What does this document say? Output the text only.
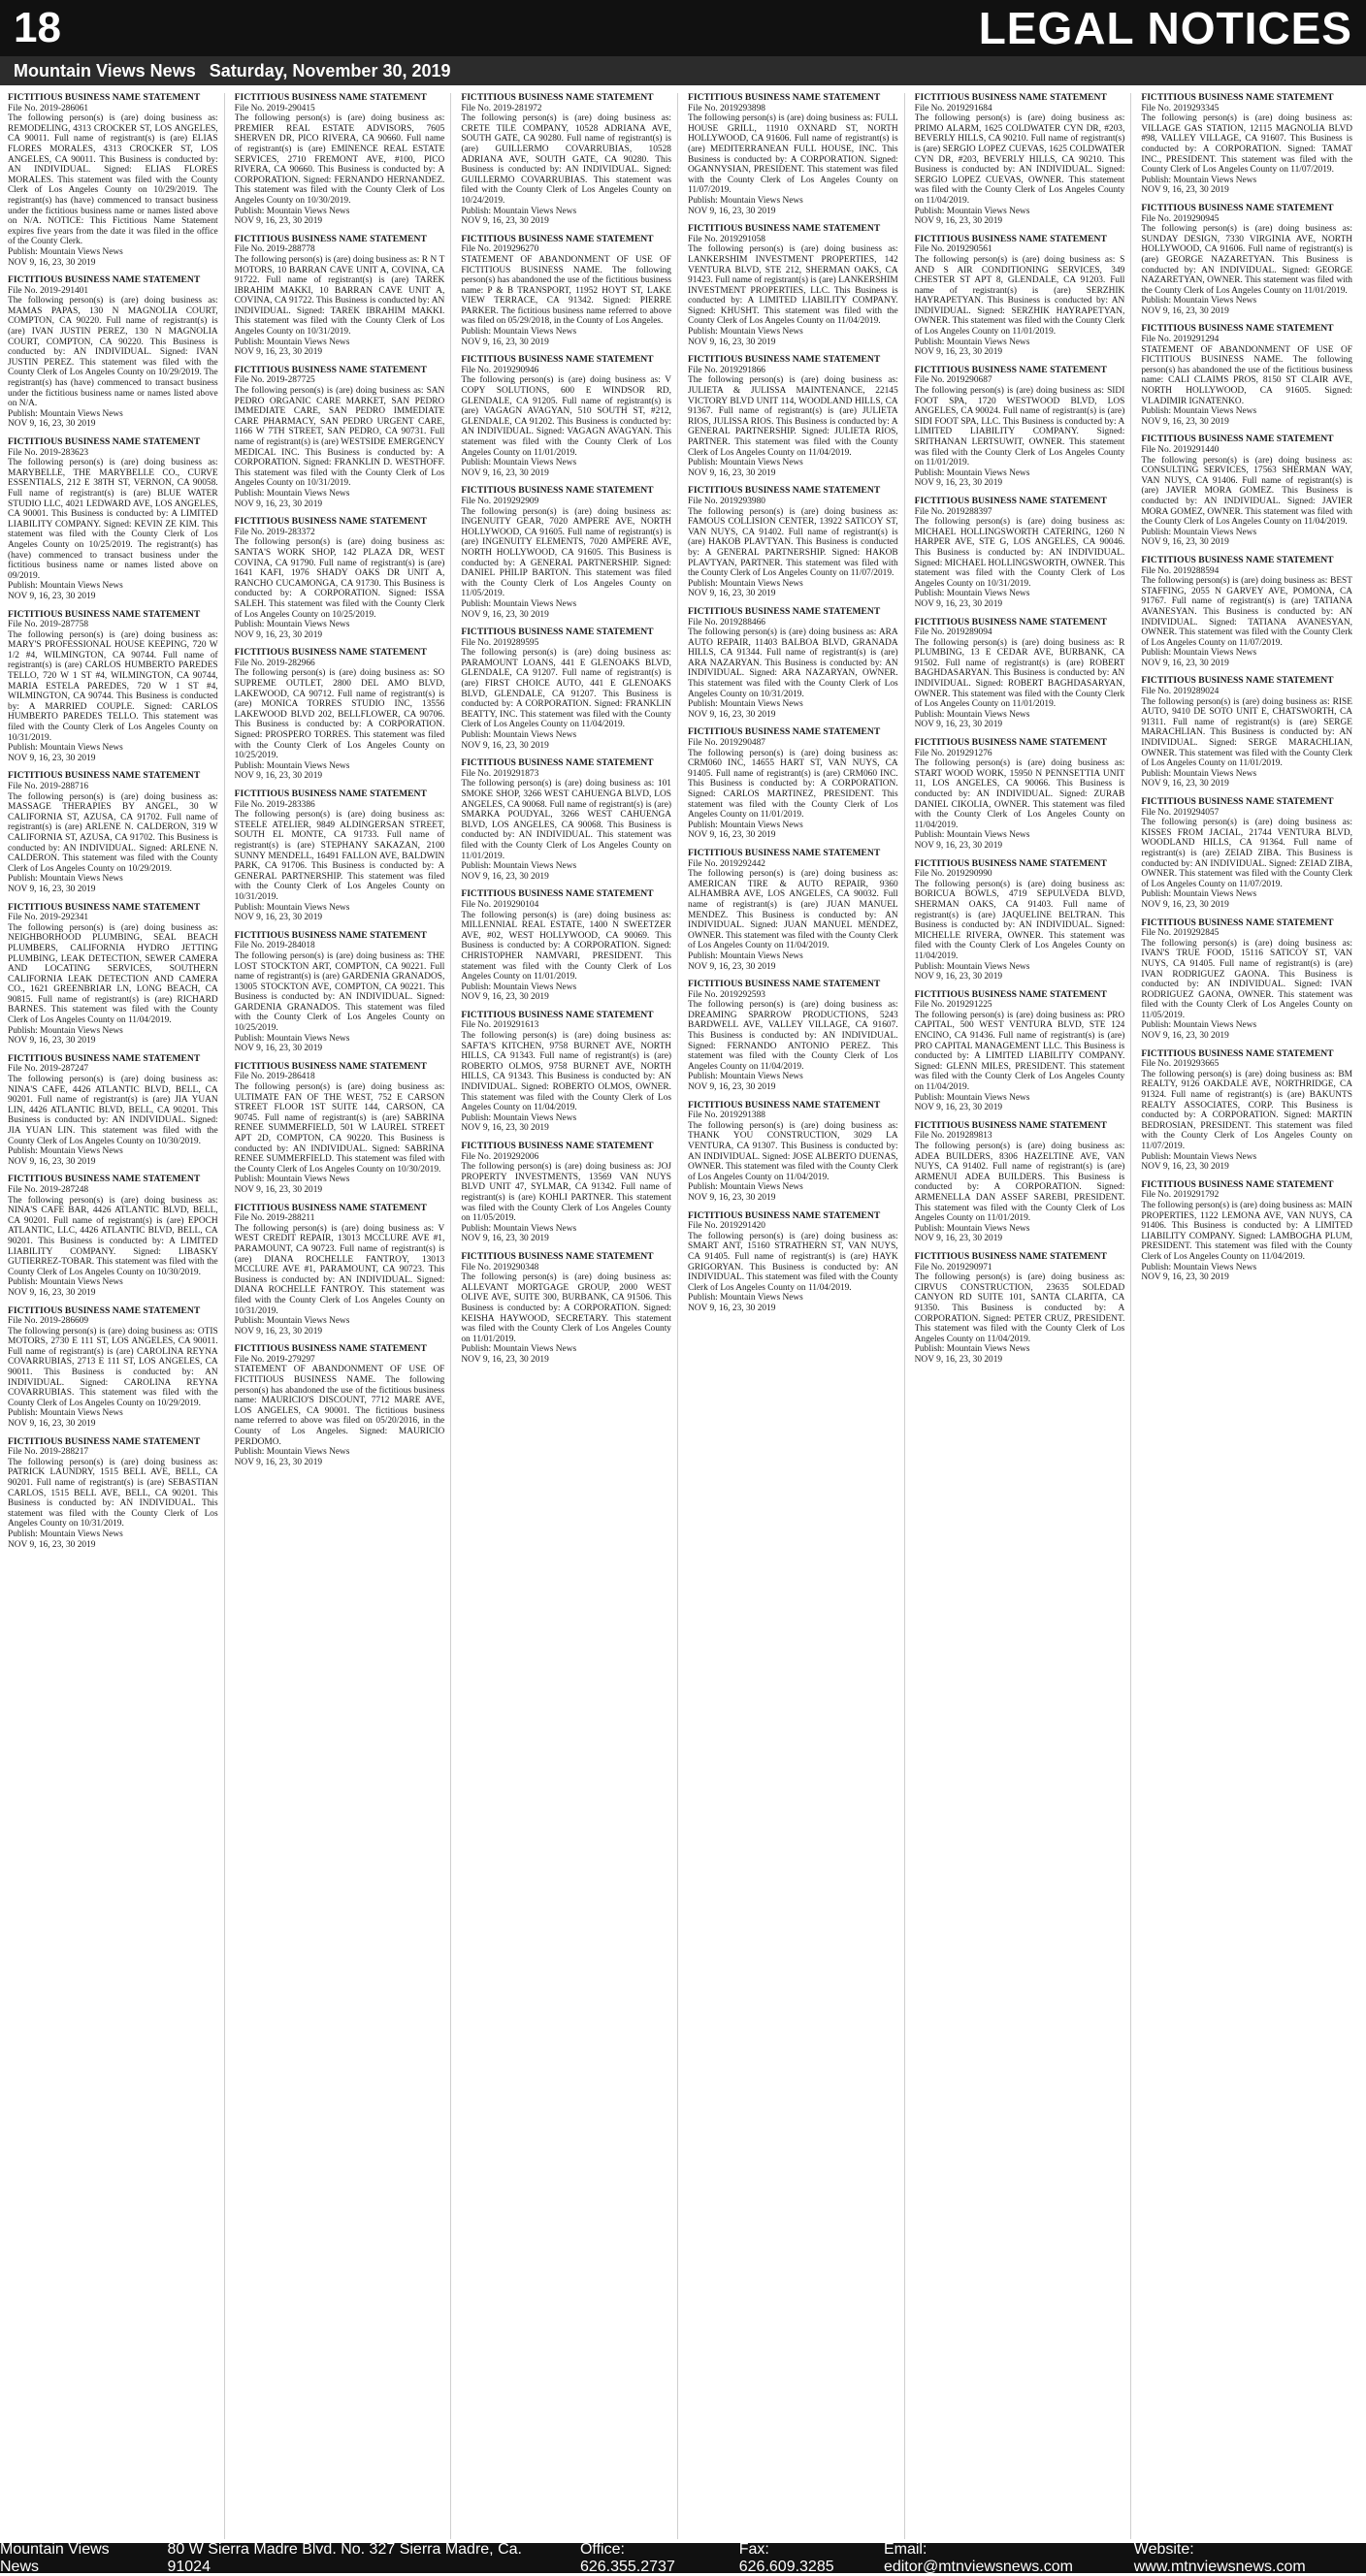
18	LEGAL NOTICES
Mountain Views News Saturday, November 30, 2019
FICTITIOUS BUSINESS NAME STATEMENT
File No. 2019-286061
The following person(s) is (are) doing business as: REMODELING, 4313 CROCKER ST, LOS ANGELES, CA 90011. Full name of registrant(s) is (are) ELIAS FLORES MORALES, 4313 CROCKER ST, LOS ANGELES, CA 90011. This Business is conducted by: AN INDIVIDUAL. Signed: ELIAS FLORES MORALES. This statement was filed with the County Clerk of Los Angeles County on 10/29/2019. The registrant(s) has (have) commenced to transact business under the fictitious business name or names listed above on N/A. NOTICE: This Fictitious Name Statement expires five years from the date it was filed in the office of the County Clerk.
Publish: Mountain Views News
NOV 9, 16, 23, 30 2019
FICTITIOUS BUSINESS NAME STATEMENT
File No. 2019-291401
The following person(s) is (are) doing business as: MAMAS PAPAS, 130 N MAGNOLIA COURT, COMPTON, CA 90220. Full name of registrant(s) is (are) IVAN JUSTIN PEREZ, 130 N MAGNOLIA COURT, COMPTON, CA 90220. This Business is conducted by: AN INDIVIDUAL. Signed: IVAN JUSTIN PEREZ. This statement was filed with the County Clerk of Los Angeles County on 10/29/2019. The registrant(s) has (have) commenced to transact business under the fictitious business name or names listed above on N/A.
Publish: Mountain Views News
NOV 9, 16, 23, 30 2019
FICTITIOUS BUSINESS NAME STATEMENT
File No. 2019-283623
The following person(s) is (are) doing business as: MARYBELLE, THE MARYBELLE CO., CURVE ESSENTIALS, 212 E 38TH ST, VERNON, CA 90058. Full name of registrant(s) is (are) BLUE WATER STUDIO LLC, 4021 LEDWARD AVE, LOS ANGELES, CA 90001. This Business is conducted by: A LIMITED LIABILITY COMPANY. Signed: KEVIN ZE KIM. This statement was filed with the County Clerk of Los Angeles County on 10/25/2019. The registrant(s) has (have) commenced to transact business under the fictitious business name or names listed above on 09/2019.
Publish: Mountain Views News
NOV 9, 16, 23, 30 2019
FICTITIOUS BUSINESS NAME STATEMENT
File No. 2019-287758
The following person(s) is (are) doing business as: MARY'S PROFESSIONAL HOUSE KEEPING, 720 W 1/2 #4, WILMINGTON, CA 90744. Full name of registrant(s) is (are) CARLOS HUMBERTO PAREDES TELLO, 720 W 1 ST #4, WILMINGTON, CA 90744, MARIA ESTELA PAREDES, 720 W 1 ST #4, WILMINGTON, CA 90744. This Business is conducted by: A MARRIED COUPLE. Signed: CARLOS HUMBERTO PAREDES TELLO. This statement was filed with the County Clerk of Los Angeles County on 10/31/2019.
Publish: Mountain Views News
NOV 9, 16, 23, 30 2019
FICTITIOUS BUSINESS NAME STATEMENT
File No. 2019-288716
The following person(s) is (are) doing business as: MASSAGE THERAPIES BY ANGEL, 30 W CALIFORNIA ST, AZUSA, CA 91702. Full name of registrant(s) is (are) ARLENE N. CALDERON, 319 W CALIFORNIA ST, AZUSA, CA 91702. This Business is conducted by: AN INDIVIDUAL. Signed: ARLENE N. CALDERON. This statement was filed with the County Clerk of Los Angeles County on 10/29/2019.
Publish: Mountain Views News
NOV 9, 16, 23, 30 2019
FICTITIOUS BUSINESS NAME STATEMENT
File No. 2019-292341
The following person(s) is (are) doing business as: NEIGHBORHOOD PLUMBING, SEAL BEACH PLUMBERS, CALIFORNIA HYDRO JETTING PLUMBING, LEAK DETECTION, SEWER CAMERA AND LOCATING SERVICES, SOUTHERN CALIFORNIA LEAK DETECTION AND CAMERA CO., 1621 GREENBRIAR LN, LONG BEACH, CA 90815. Full name of registrant(s) is (are) RICHARD BARNES. This statement was filed with the County Clerk of Los Angeles County on 11/04/2019.
Publish: Mountain Views News
NOV 9, 16, 23, 30 2019
FICTITIOUS BUSINESS NAME STATEMENT
File No. 2019-287247
The following person(s) is (are) doing business as: NINA'S CAFE, 4426 ATLANTIC BLVD, BELL, CA 90201. Full name of registrant(s) is (are) JIA YUAN LIN, 4426 ATLANTIC BLVD, BELL, CA 90201. This Business is conducted by: AN INDIVIDUAL. Signed: JIA YUAN LIN. This statement was filed with the County Clerk of Los Angeles County on 10/30/2019.
Publish: Mountain Views News
NOV 9, 16, 23, 30 2019
FICTITIOUS BUSINESS NAME STATEMENT
File No. 2019-287248
The following person(s) is (are) doing business as: NINA'S CAFE BAR, 4426 ATLANTIC BLVD, BELL, CA 90201. Full name of registrant(s) is (are) EPOCH ATLANTIC, LLC, 4426 ATLANTIC BLVD, BELL, CA 90201. This Business is conducted by: A LIMITED LIABILITY COMPANY. Signed: LIBASKY GUTIERREZ-TOBAR. This statement was filed with the County Clerk of Los Angeles County on 10/30/2019.
Publish: Mountain Views News
NOV 9, 16, 23, 30 2019
FICTITIOUS BUSINESS NAME STATEMENT
File No. 2019-286609
The following person(s) is (are) doing business as: OTIS MOTORS, 2730 E 111 ST, LOS ANGELES, CA 90011. Full name of registrant(s) is (are) CAROLINA REYNA COVARRUBIAS, 2713 E 111 ST, LOS ANGELES, CA 90011. This Business is conducted by: AN INDIVIDUAL. Signed: CAROLINA REYNA COVARRUBIAS. This statement was filed with the County Clerk of Los Angeles County on 10/29/2019.
Publish: Mountain Views News
NOV 9, 16, 23, 30 2019
FICTITIOUS BUSINESS NAME STATEMENT
File No. 2019-288217
The following person(s) is (are) doing business as: PATRICK LAUNDRY, 1515 BELL AVE, BELL, CA 90201. Full name of registrant(s) is (are) SEBASTIAN CARLOS, 1515 BELL AVE, BELL, CA 90201. This Business is conducted by: AN INDIVIDUAL. This statement was filed with the County Clerk of Los Angeles County on 10/31/2019.
Publish: Mountain Views News
NOV 9, 16, 23, 30 2019
FICTITIOUS BUSINESS NAME STATEMENT
File No. 2019-290415
The following person(s) is (are) doing business as: PREMIER REAL ESTATE ADVISORS, 7605 SHERVEN DR, PICO RIVERA, CA 90660. Full name of registrant(s) is (are) EMINENCE REAL ESTATE SERVICES, 2710 FREMONT AVE, #100, PICO RIVERA, CA 90660. This Business is conducted by: A CORPORATION. Signed: FERNANDO HERNANDEZ. This statement was filed with the County Clerk of Los Angeles County on 10/30/2019.
Publish: Mountain Views News
NOV 9, 16, 23, 30 2019
FICTITIOUS BUSINESS NAME STATEMENT
File No. 2019-288778
The following person(s) is (are) doing business as: R N T MOTORS, 10 BARRAN CAVE UNIT A, COVINA, CA 91722. Full name of registrant(s) is (are) TAREK IBRAHIM MAKKI, 10 BARRAN CAVE UNIT A, COVINA, CA 91722. This Business is conducted by: AN INDIVIDUAL. Signed: TAREK IBRAHIM MAKKI. This statement was filed with the County Clerk of Los Angeles County on 10/31/2019.
Publish: Mountain Views News
NOV 9, 16, 23, 30 2019
FICTITIOUS BUSINESS NAME STATEMENT
File No. 2019-287725
The following person(s) is (are) doing business as: SAN PEDRO ORGANIC CARE MARKET, SAN PEDRO IMMEDIATE CARE, SAN PEDRO IMMEDIATE CARE PHARMACY, SAN PEDRO URGENT CARE, 1166 W 7TH STREET, SAN PEDRO, CA 90731. Full name of registrant(s) is (are) WESTSIDE EMERGENCY MEDICAL INC. This Business is conducted by: A CORPORATION. Signed: FRANKLIN D. WESTHOFF. This statement was filed with the County Clerk of Los Angeles County on 10/31/2019.
Publish: Mountain Views News
NOV 9, 16, 23, 30 2019
FICTITIOUS BUSINESS NAME STATEMENT
File No. 2019-283372
The following person(s) is (are) doing business as: SANTA'S WORK SHOP, 142 PLAZA DR, WEST COVINA, CA 91790. Full name of registrant(s) is (are) 1641 KAFI, 1976 SHADY OAKS DR UNIT A, RANCHO CUCAMONGA, CA 91730. This Business is conducted by: A CORPORATION. Signed: ISSA SALEH. This statement was filed with the County Clerk of Los Angeles County on 10/25/2019.
Publish: Mountain Views News
NOV 9, 16, 23, 30 2019
FICTITIOUS BUSINESS NAME STATEMENT
File No. 2019-282966
The following person(s) is (are) doing business as: SO SUPREME OUTLET, 2800 DEL AMO BLVD, LAKEWOOD, CA 90712. Full name of registrant(s) is (are) MONICA TORRES STUDIO INC, 13556 LAKEWOOD BLVD 202, BELLFLOWER, CA 90706. This Business is conducted by: A CORPORATION. Signed: PROSPERO TORRES. This statement was filed with the County Clerk of Los Angeles County on 10/25/2019.
Publish: Mountain Views News
NOV 9, 16, 23, 30 2019
FICTITIOUS BUSINESS NAME STATEMENT
File No. 2019-283386
The following person(s) is (are) doing business as: STEELE ATELIER, 9849 ALDINGERSAN STREET, SOUTH EL MONTE, CA 91733. Full name of registrant(s) is (are) STEPHANY SAKAZAN, 2100 SUNNY MENDELL, 16491 FALLON AVE, BALDWIN PARK, CA 91706. This Business is conducted by: A GENERAL PARTNERSHIP. This statement was filed with the County Clerk of Los Angeles County on 10/31/2019.
Publish: Mountain Views News
NOV 9, 16, 23, 30 2019
FICTITIOUS BUSINESS NAME STATEMENT
File No. 2019-284018
The following person(s) is (are) doing business as: THE LOST STOCKTON ART, COMPTON, CA 90221. Full name of registrant(s) is (are) GARDENIA GRANADOS, 13005 STOCKTON AVE, COMPTON, CA 90221. This Business is conducted by: AN INDIVIDUAL. Signed: GARDENIA GRANADOS. This statement was filed with the County Clerk of Los Angeles County on 10/25/2019.
Publish: Mountain Views News
NOV 9, 16, 23, 30 2019
FICTITIOUS BUSINESS NAME STATEMENT
File No. 2019-286418
The following person(s) is (are) doing business as: ULTIMATE FAN OF THE WEST, 752 E CARSON STREET FLOOR 1ST SUITE 144, CARSON, CA 90745. Full name of registrant(s) is (are) SABRINA RENEE SUMMERFIELD, 501 W LAUREL STREET APT 2D, COMPTON, CA 90220. This Business is conducted by: AN INDIVIDUAL. Signed: SABRINA RENEE SUMMERFIELD. This statement was filed with the County Clerk of Los Angeles County on 10/30/2019.
Publish: Mountain Views News
NOV 9, 16, 23, 30 2019
FICTITIOUS BUSINESS NAME STATEMENT
File No. 2019-288211
The following person(s) is (are) doing business as: V WEST CREDIT REPAIR, 13013 MCCLURE AVE #1, PARAMOUNT, CA 90723. Full name of registrant(s) is (are) DIANA ROCHELLE FANTROY, 13013 MCCLURE AVE #1, PARAMOUNT, CA 90723. This Business is conducted by: AN INDIVIDUAL. Signed: DIANA ROCHELLE FANTROY. This statement was filed with the County Clerk of Los Angeles County on 10/31/2019.
Publish: Mountain Views News
NOV 9, 16, 23, 30 2019
FICTITIOUS BUSINESS NAME STATEMENT
File No. 2019-279297
STATEMENT OF ABANDONMENT OF USE OF FICTITIOUS BUSINESS NAME. The following person(s) has abandoned the use of the fictitious business name: MAURICIO'S DISCOUNT, 7712 MARE AVE, LOS ANGELES, CA 90001. The fictitious business name referred to above was filed on 05/20/2016, in the County of Los Angeles. Signed: MAURICIO PERDOMO.
Publish: Mountain Views News
NOV 9, 16, 23, 30 2019
FICTITIOUS BUSINESS NAME STATEMENT
File No. 2019-281972
The following person(s) is (are) doing business as: CRETE TILE COMPANY, 10528 ADRIANA AVE, SOUTH GATE, CA 90280. Full name of registrant(s) is (are) GUILLERMO COVARRUBIAS, 10528 ADRIANA AVE, SOUTH GATE, CA 90280. This Business is conducted by: AN INDIVIDUAL. Signed: GUILLERMO COVARRUBIAS. This statement was filed with the County Clerk of Los Angeles County on 10/24/2019.
Publish: Mountain Views News
NOV 9, 16, 23, 30 2019
FICTITIOUS BUSINESS NAME STATEMENT
File No. 2019296270
STATEMENT OF ABANDONMENT OF USE OF FICTITIOUS BUSINESS NAME. The following person(s) has abandoned the use of the fictitious business name: P & B TRANSPORT, 11952 HOYT ST, LAKE VIEW TERRACE, CA 91342. Signed: PIERRE PARKER. The fictitious business name referred to above was filed on 05/29/2018, in the County of Los Angeles.
Publish: Mountain Views News
NOV 9, 16, 23, 30 2019
FICTITIOUS BUSINESS NAME STATEMENT
File No. 2019290946
The following person(s) is (are) doing business as: V COPY SOLUTIONS, 600 E WINDSOR RD, GLENDALE, CA 91205. Full name of registrant(s) is (are) VAGAGN AVAGYAN, 510 SOUTH ST, #212, GLENDALE, CA 91202. This Business is conducted by: AN INDIVIDUAL. Signed: VAGAGN AVAGYAN. This statement was filed with the County Clerk of Los Angeles County on 11/01/2019.
Publish: Mountain Views News
NOV 9, 16, 23, 30 2019
FICTITIOUS BUSINESS NAME STATEMENT
File No. 2019292909
The following person(s) is (are) doing business as: INGENUITY GEAR, 7020 AMPERE AVE, NORTH HOLLYWOOD, CA 91605. Full name of registrant(s) is (are) INGENUITY ELEMENTS, 7020 AMPERE AVE, NORTH HOLLYWOOD, CA 91605. This Business is conducted by: A GENERAL PARTNERSHIP. Signed: DANIEL PHILIP BARTON. This statement was filed with the County Clerk of Los Angeles County on 11/05/2019.
Publish: Mountain Views News
NOV 9, 16, 23, 30 2019
FICTITIOUS BUSINESS NAME STATEMENT
File No. 2019289595
The following person(s) is (are) doing business as: PARAMOUNT LOANS, 441 E GLENOAKS BLVD, GLENDALE, CA 91207. Full name of registrant(s) is (are) FIRST CHOICE AUTO, 441 E GLENOAKS BLVD, GLENDALE, CA 91207. This Business is conducted by: A CORPORATION. Signed: FRANKLIN BEATTY, INC. This statement was filed with the County Clerk of Los Angeles County on 11/04/2019.
Publish: Mountain Views News
NOV 9, 16, 23, 30 2019
FICTITIOUS BUSINESS NAME STATEMENT
File No. 2019291873
The following person(s) is (are) doing business as: 101 SMOKE SHOP, 3266 WEST CAHUENGA BLVD, LOS ANGELES, CA 90068. Full name of registrant(s) is (are) SMARKA POUDYAL, 3266 WEST CAHUENGA BLVD, LOS ANGELES, CA 90068. This Business is conducted by: AN INDIVIDUAL. This statement was filed with the County Clerk of Los Angeles County on 11/01/2019.
Publish: Mountain Views News
NOV 9, 16, 23, 30 2019
FICTITIOUS BUSINESS NAME STATEMENT
File No. 2019290104
The following person(s) is (are) doing business as: MILLENNIAL REAL ESTATE, 1400 N SWEETZER AVE, #02, WEST HOLLYWOOD, CA 90069. This Business is conducted by: A CORPORATION. Signed: CHRISTOPHER NAMVARI, PRESIDENT. This statement was filed with the County Clerk of Los Angeles County on 11/01/2019.
Publish: Mountain Views News
NOV 9, 16, 23, 30 2019
FICTITIOUS BUSINESS NAME STATEMENT
File No. 2019291613
The following person(s) is (are) doing business as: SAFTA'S KITCHEN, 9758 BURNET AVE, NORTH HILLS, CA 91343. Full name of registrant(s) is (are) ROBERTO OLMOS, 9758 BURNET AVE, NORTH HILLS, CA 91343. This Business is conducted by: AN INDIVIDUAL. Signed: ROBERTO OLMOS, OWNER. This statement was filed with the County Clerk of Los Angeles County on 11/04/2019.
Publish: Mountain Views News
NOV 9, 16, 23, 30 2019
FICTITIOUS BUSINESS NAME STATEMENT
File No. 2019292006
The following person(s) is (are) doing business as: JOJ PROPERTY INVESTMENTS, 13569 VAN NUYS BLVD UNIT 47, SYLMAR, CA 91342. Full name of registrant(s) is (are) KOHLI PARTNER. This statement was filed with the County Clerk of Los Angeles County on 11/05/2019.
Publish: Mountain Views News
NOV 9, 16, 23, 30 2019
FICTITIOUS BUSINESS NAME STATEMENT
File No. 2019290348
The following person(s) is (are) doing business as: ALLEVANT MORTGAGE GROUP, 2000 WEST OLIVE AVE, SUITE 300, BURBANK, CA 91506. This Business is conducted by: A CORPORATION. Signed: KEISHA HAYWOOD, SECRETARY. This statement was filed with the County Clerk of Los Angeles County on 11/01/2019.
Publish: Mountain Views News
NOV 9, 16, 23, 30 2019
FICTITIOUS BUSINESS NAME STATEMENT
File No. 2019293898
The following person(s) is (are) doing business as: FULL HOUSE GRILL, 11910 OXNARD ST, NORTH HOLLYWOOD, CA 91606. Full name of registrant(s) is (are) MEDITERRANEAN FULL HOUSE, INC. This Business is conducted by: A CORPORATION. Signed: OGANNYSIAN, PRESIDENT. This statement was filed with the County Clerk of Los Angeles County on 11/07/2019.
Publish: Mountain Views News
NOV 9, 16, 23, 30 2019
FICTITIOUS BUSINESS NAME STATEMENT
File No. 2019291058
The following person(s) is (are) doing business as: LANKERSHIM INVESTMENT PROPERTIES, 142 VENTURA BLVD, STE 212, SHERMAN OAKS, CA 91423. Full name of registrant(s) is (are) LANKERSHIM INVESTMENT PROPERTIES, LLC. This Business is conducted by: A LIMITED LIABILITY COMPANY. Signed: KHUSHT. This statement was filed with the County Clerk of Los Angeles County on 11/04/2019.
Publish: Mountain Views News
NOV 9, 16, 23, 30 2019
FICTITIOUS BUSINESS NAME STATEMENT
File No. 2019291866
The following person(s) is (are) doing business as: JULIETA & JULISSA MAINTENANCE, 22145 VICTORY BLVD UNIT 114, WOODLAND HILLS, CA 91367. Full name of registrant(s) is (are) JULIETA RIOS, JULISSA RIOS. This Business is conducted by: A GENERAL PARTNERSHIP. Signed: JULIETA RIOS, PARTNER. This statement was filed with the County Clerk of Los Angeles County on 11/04/2019.
Publish: Mountain Views News
NOV 9, 16, 23, 30 2019
FICTITIOUS BUSINESS NAME STATEMENT
File No. 2019293980
The following person(s) is (are) doing business as: FAMOUS COLLISION CENTER, 13922 SATICOY ST, VAN NUYS, CA 91402. Full name of registrant(s) is (are) HAKOB PLAVTYAN. This Business is conducted by: A GENERAL PARTNERSHIP. Signed: HAKOB PLAVTYAN, PARTNER. This statement was filed with the County Clerk of Los Angeles County on 11/07/2019.
Publish: Mountain Views News
NOV 9, 16, 23, 30 2019
FICTITIOUS BUSINESS NAME STATEMENT
File No. 2019288466
The following person(s) is (are) doing business as: ARA AUTO REPAIR, 11403 BALBOA BLVD, GRANADA HILLS, CA 91344. Full name of registrant(s) is (are) ARA NAZARYAN. This Business is conducted by: AN INDIVIDUAL. Signed: ARA NAZARYAN, OWNER. This statement was filed with the County Clerk of Los Angeles County on 10/31/2019.
Publish: Mountain Views News
NOV 9, 16, 23, 30 2019
FICTITIOUS BUSINESS NAME STATEMENT
File No. 2019290487
The following person(s) is (are) doing business as: CRM060 INC, 14655 HART ST, VAN NUYS, CA 91405. Full name of registrant(s) is (are) CRM060 INC. This Business is conducted by: A CORPORATION. Signed: CARLOS MARTINEZ, PRESIDENT. This statement was filed with the County Clerk of Los Angeles County on 11/01/2019.
Publish: Mountain Views News
NOV 9, 16, 23, 30 2019
FICTITIOUS BUSINESS NAME STATEMENT
File No. 2019292442
The following person(s) is (are) doing business as: AMERICAN TIRE & AUTO REPAIR, 9360 ALHAMBRA AVE, LOS ANGELES, CA 90032. Full name of registrant(s) is (are) JUAN MANUEL MENDEZ. This Business is conducted by: AN INDIVIDUAL. Signed: JUAN MANUEL MENDEZ, OWNER. This statement was filed with the County Clerk of Los Angeles County on 11/04/2019.
Publish: Mountain Views News
NOV 9, 16, 23, 30 2019
FICTITIOUS BUSINESS NAME STATEMENT
File No. 2019292593
The following person(s) is (are) doing business as: DREAMING SPARROW PRODUCTIONS, 5243 BARDWELL AVE, VALLEY VILLAGE, CA 91607. This Business is conducted by: AN INDIVIDUAL. Signed: FERNANDO ANTONIO PEREZ. This statement was filed with the County Clerk of Los Angeles County on 11/04/2019.
Publish: Mountain Views News
NOV 9, 16, 23, 30 2019
FICTITIOUS BUSINESS NAME STATEMENT
File No. 2019291388
The following person(s) is (are) doing business as: THANK YOU CONSTRUCTION, 3029 LA VENTURA, CA 91307. This Business is conducted by: AN INDIVIDUAL. Signed: JOSE ALBERTO DUENAS, OWNER. This statement was filed with the County Clerk of Los Angeles County on 11/04/2019.
Publish: Mountain Views News
NOV 9, 16, 23, 30 2019
FICTITIOUS BUSINESS NAME STATEMENT
File No. 2019291420
The following person(s) is (are) doing business as: SMART ANT, 15160 STRATHERN ST, VAN NUYS, CA 91405. Full name of registrant(s) is (are) HAYK GRIGORYAN. This Business is conducted by: AN INDIVIDUAL. This statement was filed with the County Clerk of Los Angeles County on 11/04/2019.
Publish: Mountain Views News
NOV 9, 16, 23, 30 2019
FICTITIOUS BUSINESS NAME STATEMENT
File No. 2019291684
The following person(s) is (are) doing business as: PRIMO ALARM, 1625 COLDWATER CYN DR, #203, BEVERLY HILLS, CA 90210. Full name of registrant(s) is (are) SERGIO LOPEZ CUEVAS, 1625 COLDWATER CYN DR, #203, BEVERLY HILLS, CA 90210. This Business is conducted by: AN INDIVIDUAL. Signed: SERGIO LOPEZ CUEVAS, OWNER. This statement was filed with the County Clerk of Los Angeles County on 11/04/2019.
Publish: Mountain Views News
NOV 9, 16, 23, 30 2019
FICTITIOUS BUSINESS NAME STATEMENT
File No. 2019290561
The following person(s) is (are) doing business as: S AND S AIR CONDITIONING SERVICES, 349 CHESTER ST APT 8, GLENDALE, CA 91203. Full name of registrant(s) is (are) SERZHIK HAYRAPETYAN. This Business is conducted by: AN INDIVIDUAL. Signed: SERZHIK HAYRAPETYAN, OWNER. This statement was filed with the County Clerk of Los Angeles County on 11/01/2019.
Publish: Mountain Views News
NOV 9, 16, 23, 30 2019
FICTITIOUS BUSINESS NAME STATEMENT
File No. 2019290687
The following person(s) is (are) doing business as: SIDI FOOT SPA, 1720 WESTWOOD BLVD, LOS ANGELES, CA 90024. Full name of registrant(s) is (are) SIDI FOOT SPA, LLC. This Business is conducted by: A LIMITED LIABILITY COMPANY. Signed: SRITHANAN LERTSUWIT, OWNER. This statement was filed with the County Clerk of Los Angeles County on 11/01/2019.
Publish: Mountain Views News
NOV 9, 16, 23, 30 2019
FICTITIOUS BUSINESS NAME STATEMENT
File No. 2019288397
The following person(s) is (are) doing business as: MICHAEL HOLLINGSWORTH CATERING, 1260 N HARPER AVE, STE G, LOS ANGELES, CA 90046. This Business is conducted by: AN INDIVIDUAL. Signed: MICHAEL HOLLINGSWORTH, OWNER. This statement was filed with the County Clerk of Los Angeles County on 10/31/2019.
Publish: Mountain Views News
NOV 9, 16, 23, 30 2019
FICTITIOUS BUSINESS NAME STATEMENT
File No. 2019289094
The following person(s) is (are) doing business as: R PLUMBING, 13 E CEDAR AVE, BURBANK, CA 91502. Full name of registrant(s) is (are) ROBERT BAGHDASARYAN. This Business is conducted by: AN INDIVIDUAL. Signed: ROBERT BAGHDASARYAN, OWNER. This statement was filed with the County Clerk of Los Angeles County on 11/01/2019.
Publish: Mountain Views News
NOV 9, 16, 23, 30 2019
FICTITIOUS BUSINESS NAME STATEMENT
File No. 2019291276
The following person(s) is (are) doing business as: START WOOD WORK, 15950 N PENNSETTIA UNIT 11, LOS ANGELES, CA 90066. This Business is conducted by: AN INDIVIDUAL. Signed: ZURAB DANIEL CIKOLIA, OWNER. This statement was filed with the County Clerk of Los Angeles County on 11/04/2019.
Publish: Mountain Views News
NOV 9, 16, 23, 30 2019
FICTITIOUS BUSINESS NAME STATEMENT
File No. 2019290990
The following person(s) is (are) doing business as: BORICUA BOWLS, 4719 SEPULVEDA BLVD, SHERMAN OAKS, CA 91403. Full name of registrant(s) is (are) JAQUELINE BELTRAN. This Business is conducted by: AN INDIVIDUAL. Signed: MICHELLE RIVERA, OWNER. This statement was filed with the County Clerk of Los Angeles County on 11/04/2019.
Publish: Mountain Views News
NOV 9, 16, 23, 30 2019
FICTITIOUS BUSINESS NAME STATEMENT
File No. 2019291225
The following person(s) is (are) doing business as: PRO CAPITAL, 500 WEST VENTURA BLVD, STE 124 ENCINO, CA 91436. Full name of registrant(s) is (are) PRO CAPITAL MANAGEMENT LLC. This Business is conducted by: A LIMITED LIABILITY COMPANY. Signed: GLENN MILES, PRESIDENT. This statement was filed with the County Clerk of Los Angeles County on 11/04/2019.
Publish: Mountain Views News
NOV 9, 16, 23, 30 2019
FICTITIOUS BUSINESS NAME STATEMENT
File No. 2019289813
The following person(s) is (are) doing business as: ADEA BUILDERS, 8306 HAZELTINE AVE, VAN NUYS, CA 91402. Full name of registrant(s) is (are) ARMENUI ADEA BUILDERS. This Business is conducted by: A CORPORATION. Signed: ARMENELLA DAN ASSEF SAREBI, PRESIDENT. This statement was filed with the County Clerk of Los Angeles County on 11/01/2019.
Publish: Mountain Views News
NOV 9, 16, 23, 30 2019
FICTITIOUS BUSINESS NAME STATEMENT
File No. 2019290971
The following person(s) is (are) doing business as: CIRVUS CONSTRUCTION, 23635 SOLEDAD CANYON RD SUITE 101, SANTA CLARITA, CA 91350. This Business is conducted by: A CORPORATION. Signed: PETER CRUZ, PRESIDENT. This statement was filed with the County Clerk of Los Angeles County on 11/04/2019.
Publish: Mountain Views News
NOV 9, 16, 23, 30 2019
FICTITIOUS BUSINESS NAME STATEMENT
File No. 2019293345
The following person(s) is (are) doing business as: VILLAGE GAS STATION, 12115 MAGNOLIA BLVD #98, VALLEY VILLAGE, CA 91607. This Business is conducted by: A CORPORATION. Signed: TAMAT INC., PRESIDENT. This statement was filed with the County Clerk of Los Angeles County on 11/07/2019.
Publish: Mountain Views News
NOV 9, 16, 23, 30 2019
FICTITIOUS BUSINESS NAME STATEMENT
File No. 2019290945
The following person(s) is (are) doing business as: SUNDAY DESIGN, 7330 VIRGINIA AVE, NORTH HOLLYWOOD, CA 91606. Full name of registrant(s) is (are) GEORGE NAZARETYAN. This Business is conducted by: AN INDIVIDUAL. Signed: GEORGE NAZARETYAN, OWNER. This statement was filed with the County Clerk of Los Angeles County on 11/01/2019.
Publish: Mountain Views News
NOV 9, 16, 23, 30 2019
FICTITIOUS BUSINESS NAME STATEMENT
File No. 2019291294
STATEMENT OF ABANDONMENT OF USE OF FICTITIOUS BUSINESS NAME. The following person(s) has abandoned the use of the fictitious business name: CALI CLAIMS PROS, 8150 ST CLAIR AVE, NORTH HOLLYWOOD, CA 91605. Signed: VLADIMIR IGNATENKO.
Publish: Mountain Views News
NOV 9, 16, 23, 30 2019
FICTITIOUS BUSINESS NAME STATEMENT
File No. 2019291440
The following person(s) is (are) doing business as: CONSULTING SERVICES, 17563 SHERMAN WAY, VAN NUYS, CA 91406. Full name of registrant(s) is (are) JAVIER MORA GOMEZ. This Business is conducted by: AN INDIVIDUAL. Signed: JAVIER MORA GOMEZ, OWNER. This statement was filed with the County Clerk of Los Angeles County on 11/04/2019.
Publish: Mountain Views News
NOV 9, 16, 23, 30 2019
FICTITIOUS BUSINESS NAME STATEMENT
File No. 2019288594
The following person(s) is (are) doing business as: BEST STAFFING, 2055 N GARVEY AVE, POMONA, CA 91767. Full name of registrant(s) is (are) TATIANA AVANESYAN. This Business is conducted by: AN INDIVIDUAL. Signed: TATIANA AVANESYAN, OWNER. This statement was filed with the County Clerk of Los Angeles County on 11/07/2019.
Publish: Mountain Views News
NOV 9, 16, 23, 30 2019
FICTITIOUS BUSINESS NAME STATEMENT
File No. 2019289024
The following person(s) is (are) doing business as: RISE AUTO, 9410 DE SOTO UNIT E, CHATSWORTH, CA 91311. Full name of registrant(s) is (are) SERGE MARACHLIAN. This Business is conducted by: AN INDIVIDUAL. Signed: SERGE MARACHLIAN, OWNER. This statement was filed with the County Clerk of Los Angeles County on 11/01/2019.
Publish: Mountain Views News
NOV 9, 16, 23, 30 2019
FICTITIOUS BUSINESS NAME STATEMENT
File No. 2019294057
The following person(s) is (are) doing business as: KISSES FROM JACIAL, 21744 VENTURA BLVD, WOODLAND HILLS, CA 91364. Full name of registrant(s) is (are) ZEIAD ZIBA. This Business is conducted by: AN INDIVIDUAL. Signed: ZEIAD ZIBA, OWNER. This statement was filed with the County Clerk of Los Angeles County on 11/07/2019.
Publish: Mountain Views News
NOV 9, 16, 23, 30 2019
FICTITIOUS BUSINESS NAME STATEMENT
File No. 2019292845
The following person(s) is (are) doing business as: IVAN'S TRUE FOOD, 15116 SATICOY ST, VAN NUYS, CA 91405. Full name of registrant(s) is (are) IVAN RODRIGUEZ GAONA. This Business is conducted by: AN INDIVIDUAL. Signed: IVAN RODRIGUEZ GAONA, OWNER. This statement was filed with the County Clerk of Los Angeles County on 11/05/2019.
Publish: Mountain Views News
NOV 9, 16, 23, 30 2019
FICTITIOUS BUSINESS NAME STATEMENT
File No. 2019293665
The following person(s) is (are) doing business as: BM REALTY, 9126 OAKDALE AVE, NORTHRIDGE, CA 91324. Full name of registrant(s) is (are) BAKUNTS REALTY ASSOCIATES, CORP. This Business is conducted by: A CORPORATION. Signed: MARTIN BEDROSIAN, PRESIDENT. This statement was filed with the County Clerk of Los Angeles County on 11/07/2019.
Publish: Mountain Views News
NOV 9, 16, 23, 30 2019
FICTITIOUS BUSINESS NAME STATEMENT
File No. 2019291792
The following person(s) is (are) doing business as: MAIN PROPERTIES, 1122 LEMONA AVE, VAN NUYS, CA 91406. This Business is conducted by: A LIMITED LIABILITY COMPANY. Signed: LAMBOGHA PLUM, PRESIDENT. This statement was filed with the County Clerk of Los Angeles County on 11/04/2019.
Publish: Mountain Views News
NOV 9, 16, 23, 30 2019
Mountain Views News
80 W Sierra Madre Blvd. No. 327 Sierra Madre, Ca. 91024
Office: 626.355.2737
Fax: 626.609.3285
Email: editor@mtnviewsnews.com
Website: www.mtnviewsnews.com
